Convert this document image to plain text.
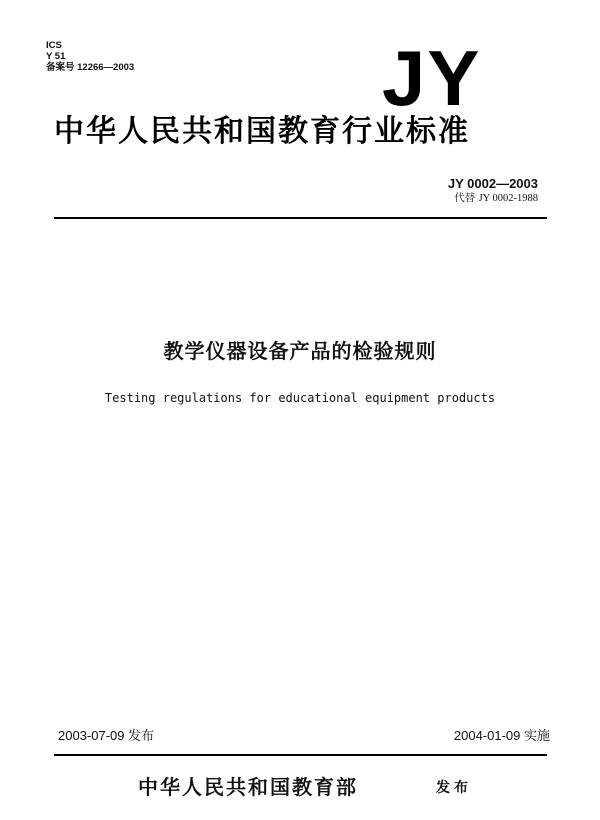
ICS
Y 51
备案号 12266—2003	JY
中华人民共和国教育行业标准
JY 0002—2003
代替 JY 0002-1988
教学仪器设备产品的检验规则
Testing regulations for educational equipment products
2003-07-09 发布	2004-01-09 实施
中华人民共和国教育部	发布
